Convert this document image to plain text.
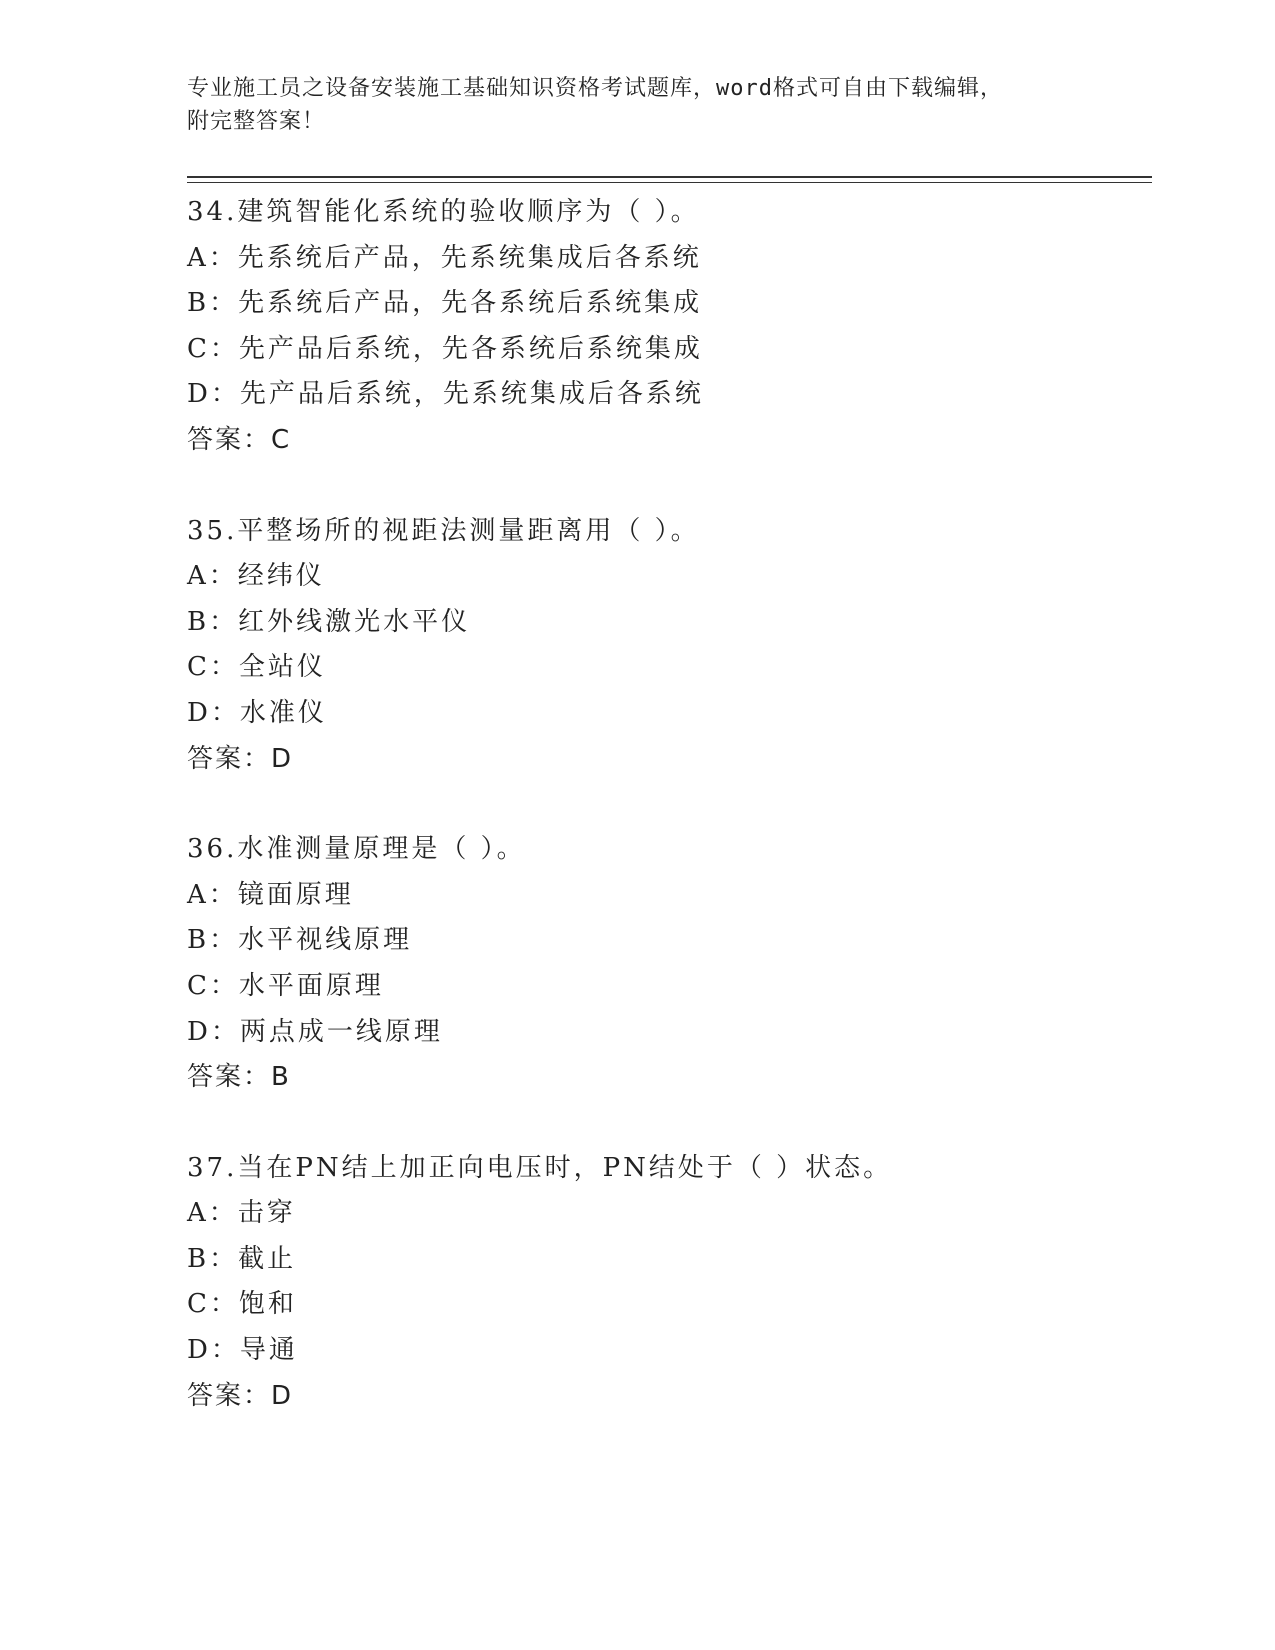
专业施工员之设备安装施工基础知识资格考试题库，word格式可自由下载编辑，
附完整答案！
34.建筑智能化系统的验收顺序为（ ）。
A：先系统后产品，先系统集成后各系统
B：先系统后产品，先各系统后系统集成
C：先产品后系统，先各系统后系统集成
D：先产品后系统，先系统集成后各系统
答案：C
35.平整场所的视距法测量距离用（ ）。
A：经纬仪
B：红外线激光水平仪
C：全站仪
D：水准仪
答案：D
36.水准测量原理是（ ）。
A：镜面原理
B：水平视线原理
C：水平面原理
D：两点成一线原理
答案：B
37.当在PN结上加正向电压时，PN结处于（ ）状态。
A：击穿
B：截止
C：饱和
D：导通
答案：D
